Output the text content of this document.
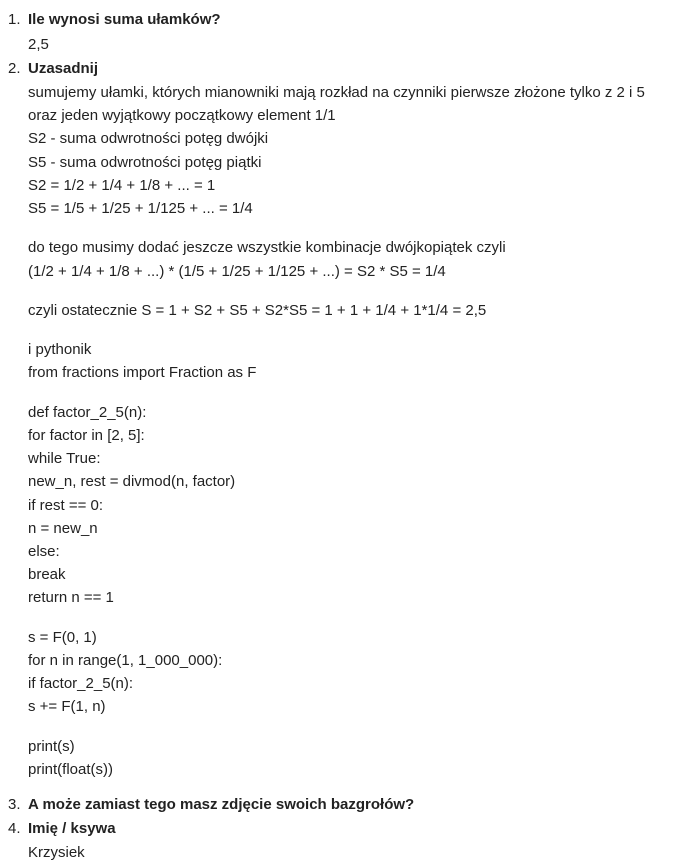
1. Ile wynosi suma ułamków?
2,5
2. Uzasadnij
sumujemy ułamki, których mianowniki mają rozkład na czynniki pierwsze złożone tylko z 2 i 5
oraz jeden wyjątkowy początkowy element 1/1
S2 - suma odwrotności potęg dwójki
S5 - suma odwrotności potęg piątki
S2 = 1/2 + 1/4 + 1/8 + ... = 1
S5 = 1/5 + 1/25 + 1/125 + ... = 1/4
do tego musimy dodać jeszcze wszystkie kombinacje dwójkopiątek czyli
(1/2 + 1/4 + 1/8 + ...) * (1/5 + 1/25 + 1/125 + ...) = S2 * S5 = 1/4
czyli ostatecznie S = 1 + S2 + S5 + S2*S5 = 1 + 1 + 1/4 + 1*1/4 = 2,5
i pythonik
from fractions import Fraction as F
def factor_2_5(n):
for factor in [2, 5]:
while True:
new_n, rest = divmod(n, factor)
if rest == 0:
n = new_n
else:
break
return n == 1
s = F(0, 1)
for n in range(1, 1_000_000):
if factor_2_5(n):
s += F(1, n)
print(s)
print(float(s))
3. A może zamiast tego masz zdjęcie swoich bazgrołów?
4. Imię / ksywa
Krzysiek
